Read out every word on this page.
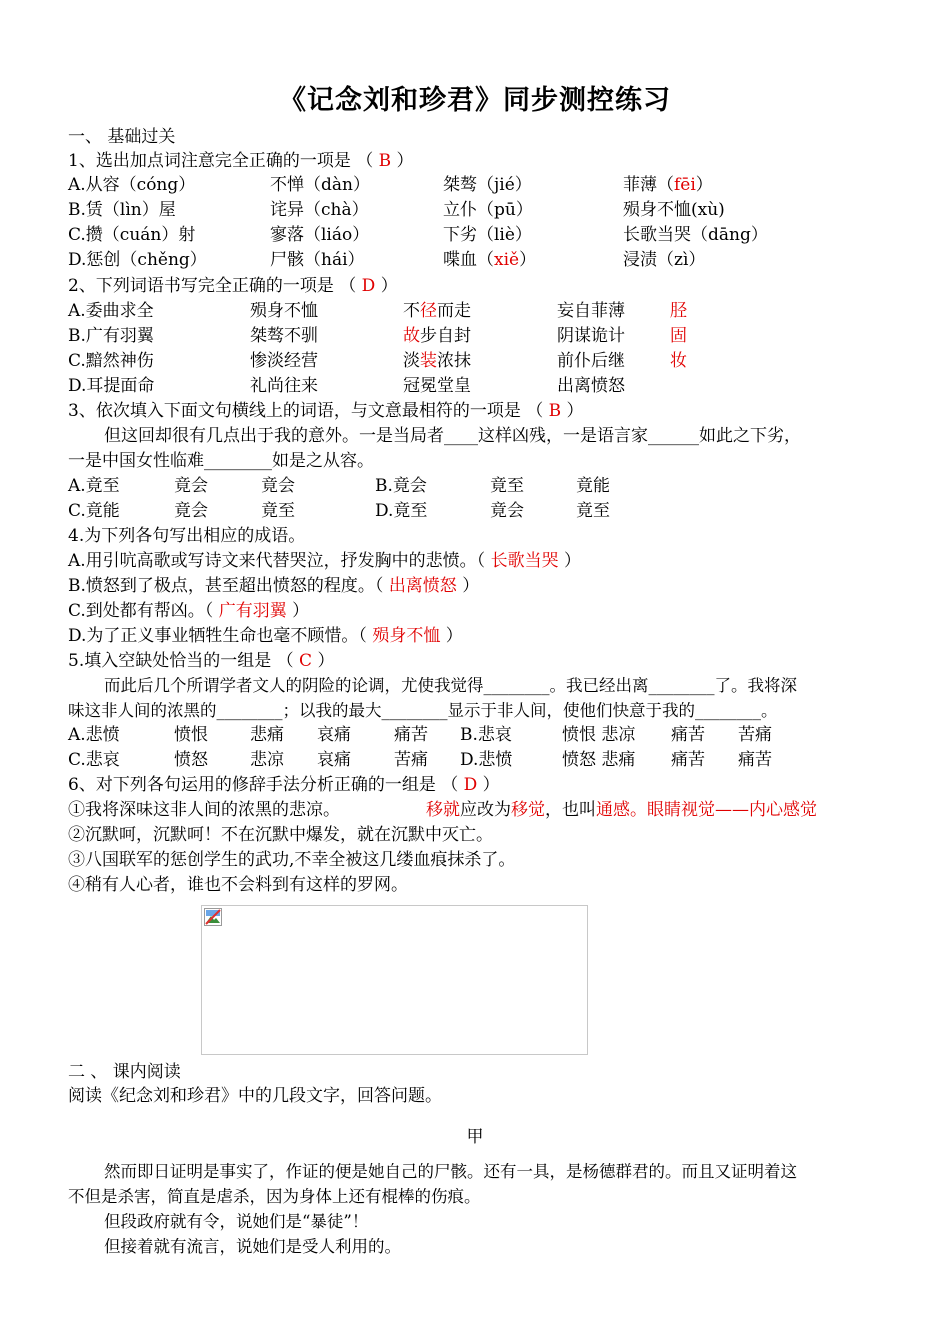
《记念刘和珍君》同步测控练习
一、 基础过关
1、选出加点词注意完全正确的一项是 （ B ）
A.从容（cóng）	不惮（dàn）	桀骜（jié）	菲薄（fēi）
B.赁（lìn）屋	诧异（chà）	立仆（pū）	殒身不恤(xù)
C.攒（cuán）射	寥落（liáo）	下劣（liè）	长歌当哭（dāng）
D.惩创（chěng）	尸骸（hái）	喋血（xiě）	浸渍（zì）
2、下列词语书写完全正确的一项是 （ D ）
A.委曲求全	殒身不恤	不径而走	妄自菲薄	胫
B.广有羽翼	桀骜不驯	故步自封	阴谋诡计	固
C.黯然神伤	惨淡经营	淡装浓抹	前仆后继	妆
D.耳提面命	礼尚往来	冠冕堂皇	出离愤怒
3、依次填入下面文句横线上的词语，与文意最相符的一项是 （ B ）
但这回却很有几点出于我的意外。一是当局者____这样凶残，一是语言家______如此之下劣，
一是中国女性临难________如是之从容。
A.竟至	竟会	竟会	B.竟会	竟至	竟能
C.竟能	竟会	竟至	D.竟至	竟会	竟至
4.为下列各句写出相应的成语。
A.用引吭高歌或写诗文来代替哭泣，抒发胸中的悲愤。（ 长歌当哭 ）
B.愤怒到了极点，甚至超出愤怒的程度。（ 出离愤怒 ）
C.到处都有帮凶。（ 广有羽翼 ）
D.为了正义事业牺牲生命也毫不顾惜。（ 殒身不恤 ）
5.填入空缺处恰当的一组是 （ C ）
而此后几个所谓学者文人的阴险的论调，尤使我觉得________。我已经出离________了。我将深
味这非人间的浓黑的________；以我的最大________显示于非人间，使他们快意于我的________。
A.悲愤	愤恨 悲痛 哀痛	痛苦 B.悲哀	愤恨 悲凉 痛苦 苦痛
C.悲哀	愤怒 悲凉 哀痛	苦痛 D.悲愤	愤怒 悲痛 痛苦 痛苦
6、对下列各句运用的修辞手法分析正确的一组是 （ D ）
①我将深味这非人间的浓黑的悲凉。	移就应改为移觉，也叫通感。眼睛视觉——内心感觉
②沉默呵，沉默呵！不在沉默中爆发，就在沉默中灭亡。
③八国联军的惩创学生的武功,不幸全被这几缕血痕抹杀了。
④稍有人心者，谁也不会料到有这样的罗网。
二 、 课内阅读
阅读《纪念刘和珍君》中的几段文字，回答问题。
甲
然而即日证明是事实了，作证的便是她自己的尸骸。还有一具，是杨德群君的。而且又证明着这
不但是杀害，简直是虐杀，因为身体上还有棍棒的伤痕。
但段政府就有令，说她们是“暴徒”！
但接着就有流言，说她们是受人利用的。
